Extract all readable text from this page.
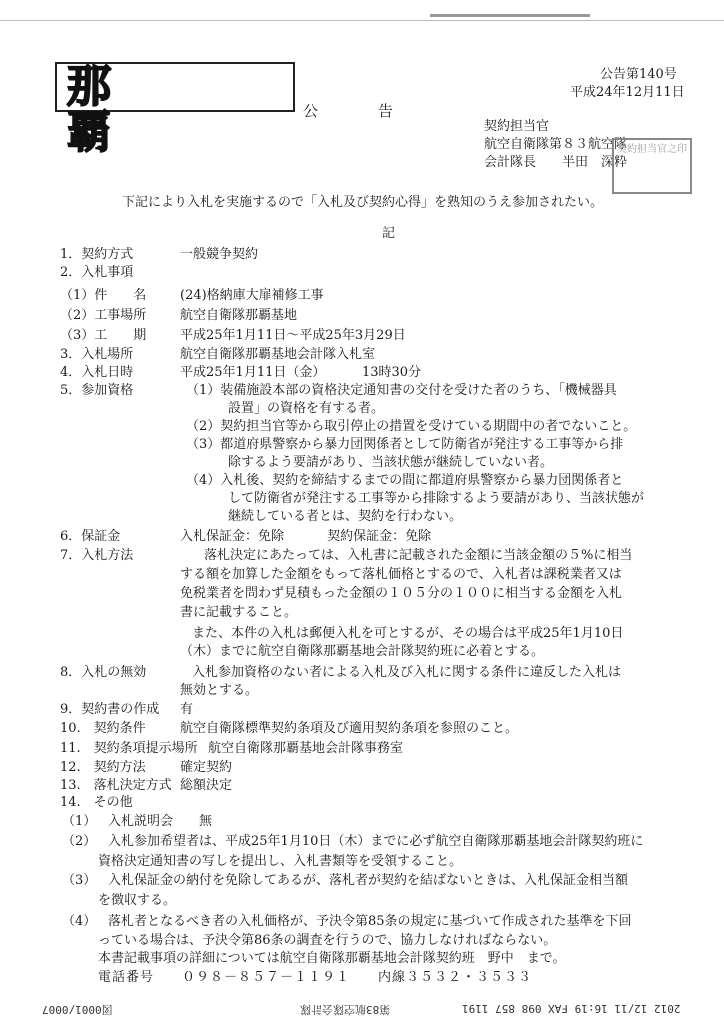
那 覇	公　　　　告
公告第140号
平成24年12月11日
契約担当官
航空自衛隊第８３航空隊
会計隊長　　半田　深粋
契約担当官之印
下記により入札を実施するので「入札及び契約心得」を熟知のうえ参加されたい。
記
1．契約方式	一般競争契約
2．入札事項
（1）件　　名	(24)格納庫大扉補修工事
（2）工事場所	航空自衛隊那覇基地
（3）工　　期	平成25年1月11日～平成25年3月29日
3．入札場所	航空自衛隊那覇基地会計隊入札室
4．入札日時	平成25年1月11日（金）　　　 13時30分
5．参加資格	（1）装備施設本部の資格決定通知書の交付を受けた者のうち、「機械器具
設置」の資格を有する者。
（2）契約担当官等から取引停止の措置を受けている期間中の者でないこと。
（3）都道府県警察から暴力団関係者として防衛省が発注する工事等から排
除するよう要請があり、当該状態が継続していない者。
（4）入札後、契約を締結するまでの間に都道府県警察から暴力団関係者と
して防衛省が発注する工事等から排除するよう要請があり、当該状態が
継続している者とは、契約を行わない。
6．保証金	入札保証金：免除　　　 契約保証金：免除
7．入札方法	落札決定にあたっては、入札書に記載された金額に当該金額の５%に相当
する額を加算した金額をもって落札価格とするので、入札者は課税業者又は
免税業者を問わず見積もった金額の１０５分の１００に相当する金額を入札
書に記載すること。
また、本件の入札は郵便入札を可とするが、その場合は平成25年1月10日
（木）までに航空自衛隊那覇基地会計隊契約班に必着とする。
8．入札の無効	入札参加資格のない者による入札及び入札に関する条件に違反した入札は
無効とする。
9．契約書の作成 有
10.　契約条件	航空自衛隊標準契約条項及び適用契約条項を参照のこと。
11.　契約条項提示場所 航空自衛隊那覇基地会計隊事務室
12.　契約方法	確定契約
13.　落札決定方式 総額決定
14.　その他
（1） 入札説明会　　無
（2） 入札参加希望者は、平成25年1月10日（木）までに必ず航空自衛隊那覇基地会計隊契約班に
資格決定通知書の写しを提出し、入札書類等を受領すること。
（3） 入札保証金の納付を免除してあるが、落札者が契約を結ばないときは、入札保証金相当額
を徴収する。
（4） 落札者となるべき者の入札価格が、予決令第85条の規定に基づいて作成された基準を下回
っている場合は、予決令第86条の調査を行うので、協力しなければならない。
本書記載事項の詳細については航空自衛隊那覇基地会計隊契約班　野中　まで。
電話番号　　０９８－８５７－１１９１　　内線３５３２・３５３３
図0001/0007	第83航空隊会計隊	2012 12/11 16:19 FAX 098 857 1191
